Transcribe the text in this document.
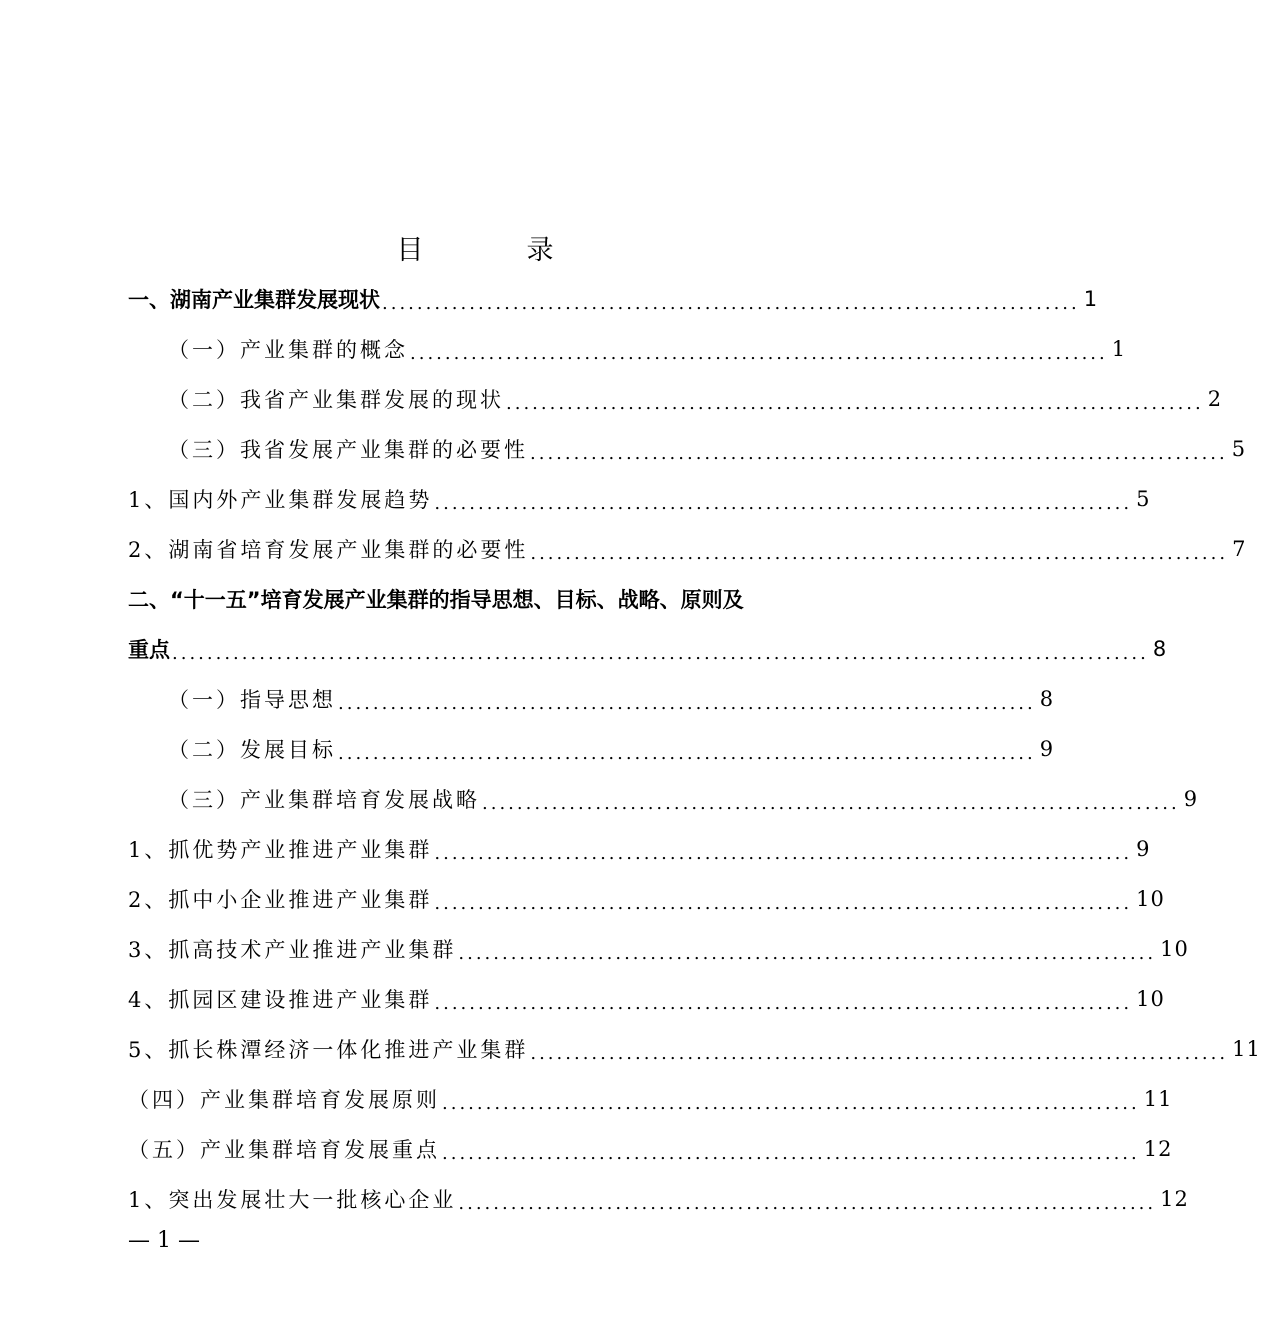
目　录
一、湖南产业集群发展现状 ................................................................................ 1
（一）产业集群的概念 ................................................................................ 1
（二）我省产业集群发展的现状 ................................................................................ 2
（三）我省发展产业集群的必要性 ................................................................................ 5
1、国内外产业集群发展趋势 ................................................................................ 5
2、湖南省培育发展产业集群的必要性 ................................................................................ 7
二、“十一五”培育发展产业集群的指导思想、目标、战略、原则及
重点 ................................................................................................................ 8
（一）指导思想 ................................................................................ 8
（二）发展目标 ................................................................................ 9
（三）产业集群培育发展战略 ................................................................................ 9
1、抓优势产业推进产业集群 ................................................................................ 9
2、抓中小企业推进产业集群 ................................................................................ 10
3、抓高技术产业推进产业集群 ................................................................................ 10
4、抓园区建设推进产业集群 ................................................................................ 10
5、抓长株潭经济一体化推进产业集群 ................................................................................ 11
（四）产业集群培育发展原则 ................................................................................ 11
（五）产业集群培育发展重点 ................................................................................ 12
1、突出发展壮大一批核心企业 ................................................................................ 12
— 1 —
